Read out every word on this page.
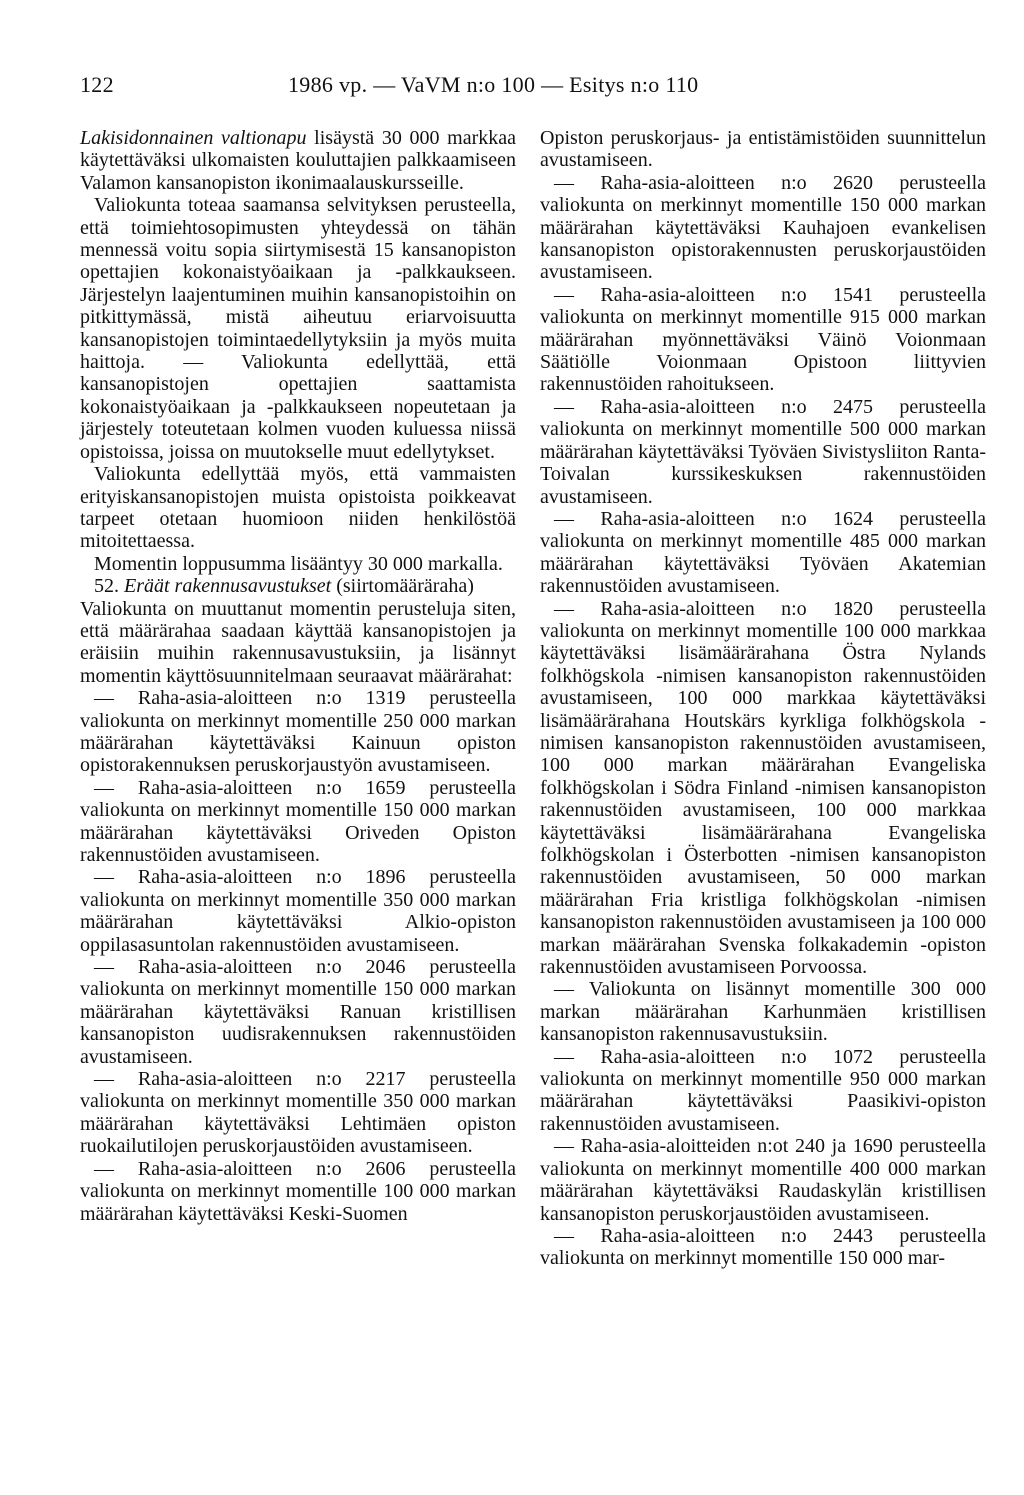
122	1986 vp. — VaVM n:o 100 — Esitys n:o 110

Lakisidonnainen valtionapu lisäystä 30 000 markkaa käytettäväksi ulkomaisten kouluttajien palkkaamiseen Valamon kansanopiston ikonimaalauskursseille.

Valiokunta toteaa saamansa selvityksen perusteella, että toimiehtosopimusten yhteydessä on tähän mennessä voitu sopia siirtymisestä 15 kansanopiston opettajien kokonaistyöaikaan ja -palkkaukseen. Järjestelyn laajentuminen muihin kansanopistoihin on pitkittymässä, mistä aiheutuu eriarvoisuutta kansanopistojen toimintaedellytyksiin ja myös muita haittoja. — Valiokunta edellyttää, että kansanopistojen opettajien saattamista kokonaistyöaikaan ja -palkkaukseen nopeutetaan ja järjestely toteutetaan kolmen vuoden kuluessa niissä opistoissa, joissa on muutokselle muut edellytykset.

Valiokunta edellyttää myös, että vammaisten erityiskansanopistojen muista opistoista poikkeavat tarpeet otetaan huomioon niiden henkilöstöä mitoitettaessa.

Momentin loppusumma lisääntyy 30 000 markalla.

52. Eräät rakennusavustukset (siirtomääräraha)

Valiokunta on muuttanut momentin perusteluja siten, että määrärahaa saadaan käyttää kansanopistojen ja eräisiin muihin rakennusavustuksiin, ja lisännyt momentin käyttösuunnitelmaan seuraavat määrärahat:

— Raha-asia-aloitteen n:o 1319 perusteella valiokunta on merkinnyt momentille 250 000 markan määrärahan käytettäväksi Kainuun opiston opistorakennuksen peruskorjaustyön avustamiseen.

— Raha-asia-aloitteen n:o 1659 perusteella valiokunta on merkinnyt momentille 150 000 markan määrärahan käytettäväksi Oriveden Opiston rakennustöiden avustamiseen.

— Raha-asia-aloitteen n:o 1896 perusteella valiokunta on merkinnyt momentille 350 000 markan määrärahan käytettäväksi Alkio-opiston oppilasasuntolan rakennustöiden avustamiseen.

— Raha-asia-aloitteen n:o 2046 perusteella valiokunta on merkinnyt momentille 150 000 markan määrärahan käytettäväksi Ranuan kristillisen kansanopiston uudisrakennuksen rakennustöiden avustamiseen.

— Raha-asia-aloitteen n:o 2217 perusteella valiokunta on merkinnyt momentille 350 000 markan määrärahan käytettäväksi Lehtimäen opiston ruokailutilojen peruskorjaustöiden avustamiseen.

— Raha-asia-aloitteen n:o 2606 perusteella valiokunta on merkinnyt momentille 100 000 markan määrärahan käytettäväksi Keski-Suomen

Opiston peruskorjaus- ja entistämistöiden suunnittelun avustamiseen.

— Raha-asia-aloitteen n:o 2620 perusteella valiokunta on merkinnyt momentille 150 000 markan määrärahan käytettäväksi Kauhajoen evankelisen kansanopiston opistorakennusten peruskorjaustöiden avustamiseen.

— Raha-asia-aloitteen n:o 1541 perusteella valiokunta on merkinnyt momentille 915 000 markan määrärahan myönnettäväksi Väinö Voionmaan Säätiölle Voionmaan Opistoon liittyvien rakennustöiden rahoitukseen.

— Raha-asia-aloitteen n:o 2475 perusteella valiokunta on merkinnyt momentille 500 000 markan määrärahan käytettäväksi Työväen Sivistysliiton Ranta-Toivalan kurssikeskuksen rakennustöiden avustamiseen.

— Raha-asia-aloitteen n:o 1624 perusteella valiokunta on merkinnyt momentille 485 000 markan määrärahan käytettäväksi Työväen Akatemian rakennustöiden avustamiseen.

— Raha-asia-aloitteen n:o 1820 perusteella valiokunta on merkinnyt momentille 100 000 markkaa käytettäväksi lisämäärärahana Östra Nylands folkhögskola -nimisen kansanopiston rakennustöiden avustamiseen, 100 000 markkaa käytettäväksi lisämäärärahana Houtskärs kyrkliga folkhögskola -nimisen kansanopiston rakennustöiden avustamiseen, 100 000 markan määrärahan Evangeliska folkhögskolan i Södra Finland -nimisen kansanopiston rakennustöiden avustamiseen, 100 000 markkaa käytettäväksi lisämäärärahana Evangeliska folkhögskolan i Österbotten -nimisen kansanopiston rakennustöiden avustamiseen, 50 000 markan määrärahan Fria kristliga folkhögskolan -nimisen kansanopiston rakennustöiden avustamiseen ja 100 000 markan määrärahan Svenska folkakademin -opiston rakennustöiden avustamiseen Porvoossa.

— Valiokunta on lisännyt momentille 300 000 markan määrärahan Karhunmäen kristillisen kansanopiston rakennusavustuksiin.

— Raha-asia-aloitteen n:o 1072 perusteella valiokunta on merkinnyt momentille 950 000 markan määrärahan käytettäväksi Paasikivi-opiston rakennustöiden avustamiseen.

— Raha-asia-aloitteiden n:ot 240 ja 1690 perusteella valiokunta on merkinnyt momentille 400 000 markan määrärahan käytettäväksi Raudaskylän kristillisen kansanopiston peruskorjaustöiden avustamiseen.

— Raha-asia-aloitteen n:o 2443 perusteella valiokunta on merkinnyt momentille 150 000 mar-
